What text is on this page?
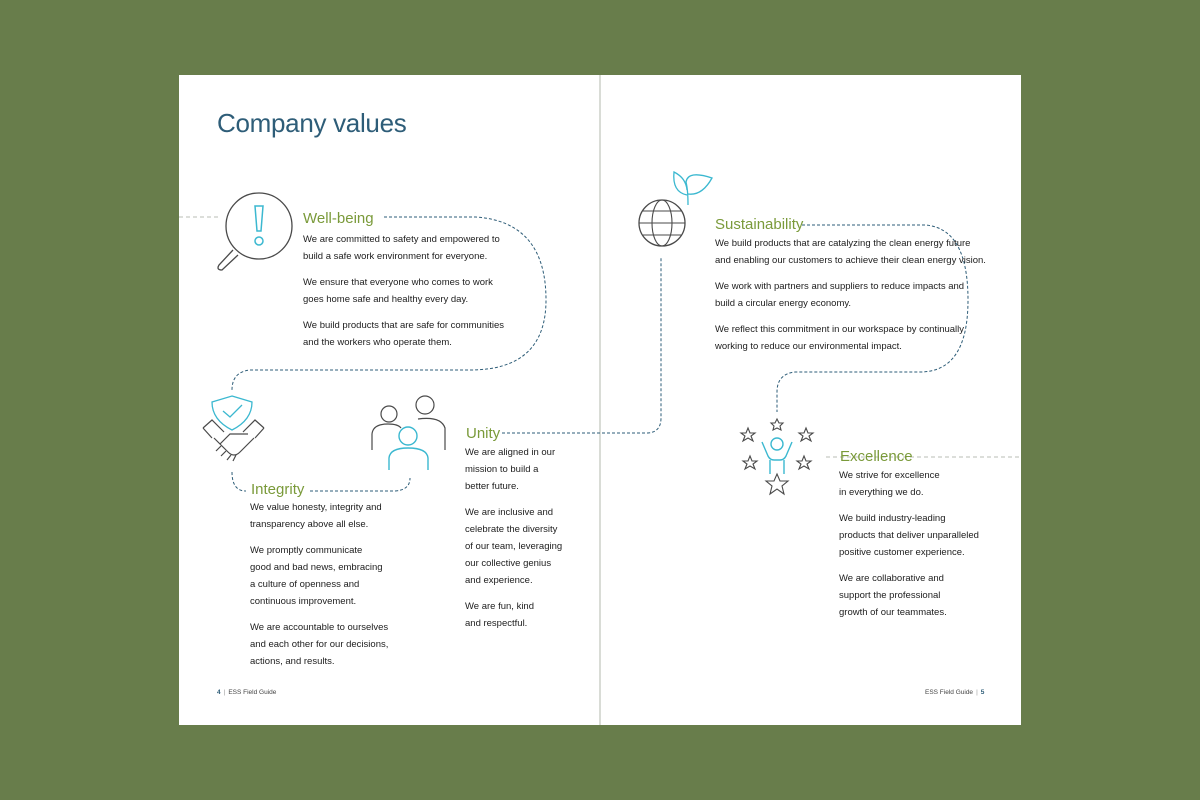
Company values
Well-being

We are committed to safety and empowered to
build a safe work environment for everyone.

We ensure that everyone who comes to work
goes home safe and healthy every day.

We build products that are safe for communities
and the workers who operate them.

Integrity

We value honesty, integrity and
transparency above all else.

We promptly communicate
good and bad news, embracing
a culture of openness and
continuous improvement.

We are accountable to ourselves
and each other for our decisions,
actions, and results.

Unity

We are aligned in our
mission to build a
better future.

We are inclusive and
celebrate the diversity
of our team, leveraging
our collective genius
and experience.

We are fun, kind
and respectful.

Sustainability

We build products that are catalyzing the clean energy future
and enabling our customers to achieve their clean energy vision.

We work with partners and suppliers to reduce impacts and
build a circular energy economy.

We reflect this commitment in our workspace by continually
working to reduce our environmental impact.

Excellence

We strive for excellence
in everything we do.

We build industry-leading
products that deliver unparalleled
positive customer experience.

We are collaborative and
support the professional
growth of our teammates.

4 | ESS Field Guide	ESS Field Guide | 5
